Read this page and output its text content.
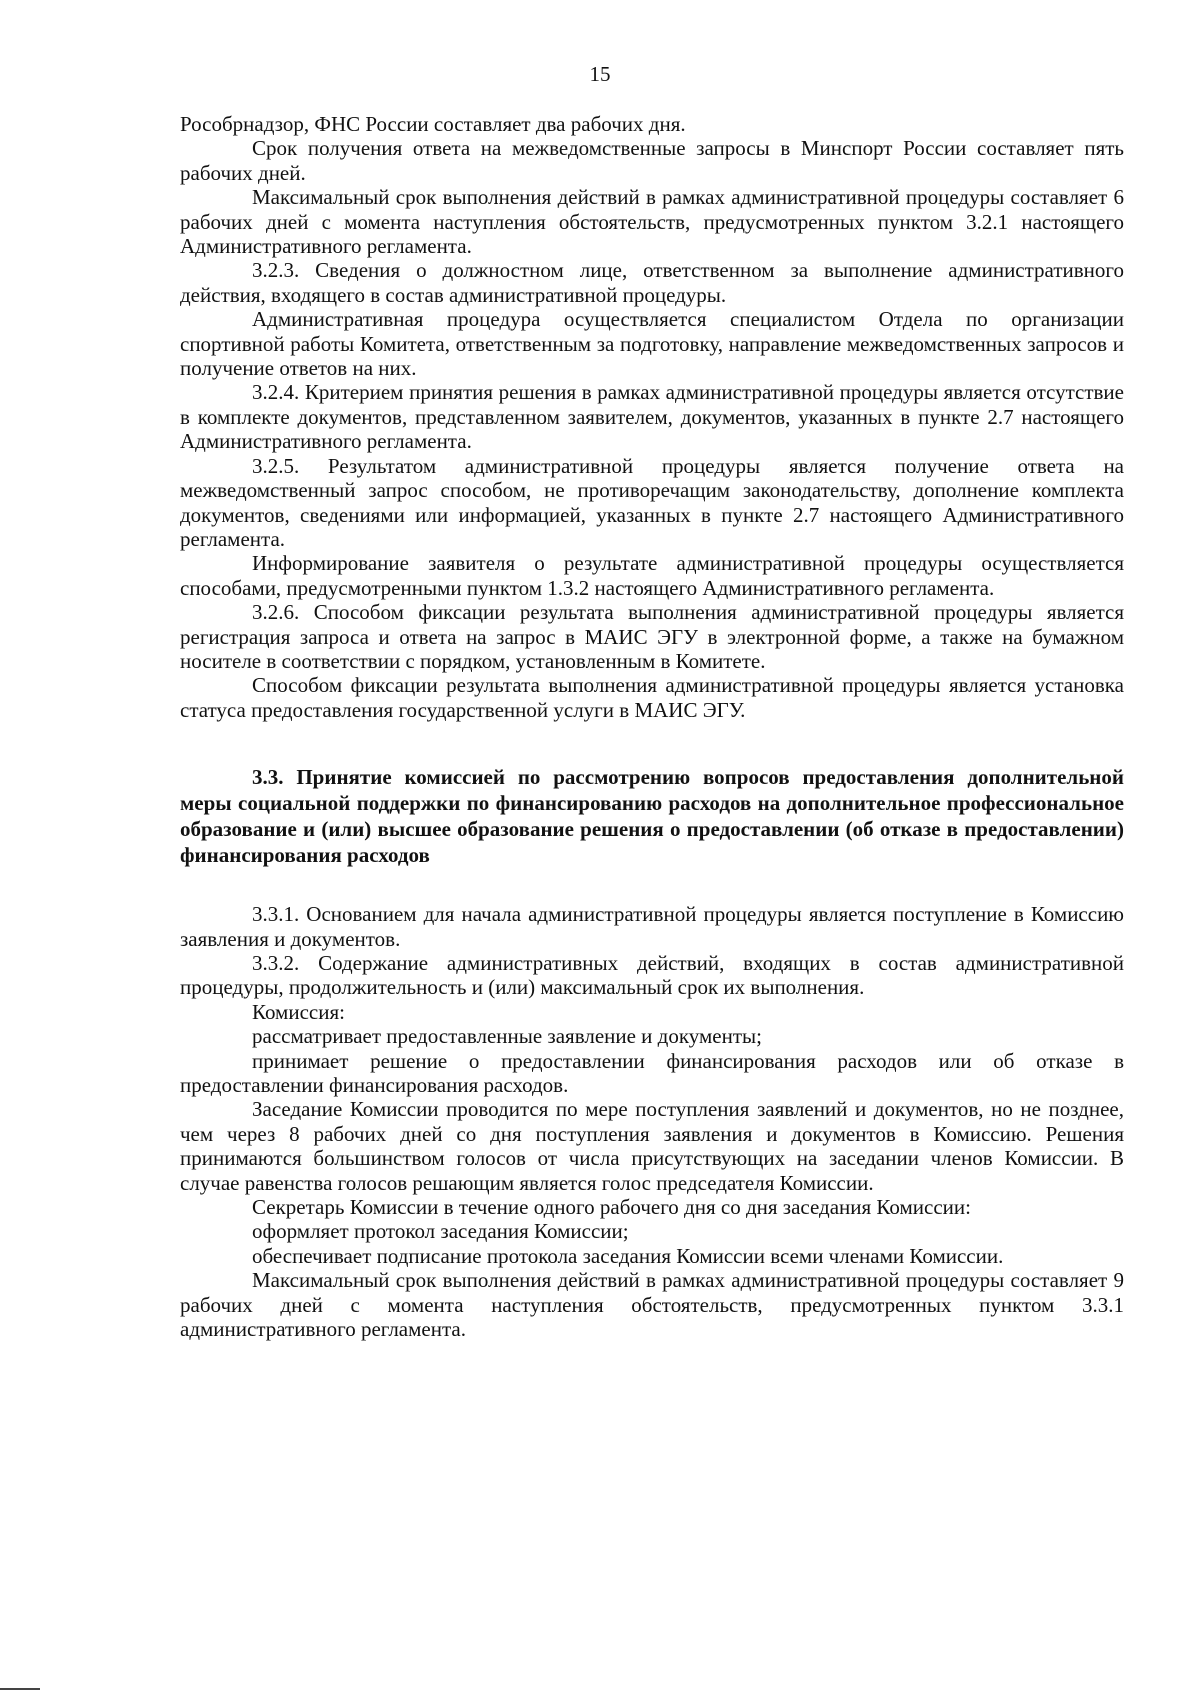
15

Рособрнадзор, ФНС России составляет два рабочих дня.

Срок получения ответа на межведомственные запросы в Минспорт России составляет пять рабочих дней.

Максимальный срок выполнения действий в рамках административной процедуры составляет 6 рабочих дней с момента наступления обстоятельств, предусмотренных пунктом 3.2.1 настоящего Административного регламента.

3.2.3. Сведения о должностном лице, ответственном за выполнение административного действия, входящего в состав административной процедуры.

Административная процедура осуществляется специалистом Отдела по организации спортивной работы Комитета, ответственным за подготовку, направление межведомственных запросов и получение ответов на них.

3.2.4. Критерием принятия решения в рамках административной процедуры является отсутствие в комплекте документов, представленном заявителем, документов, указанных в пункте 2.7 настоящего Административного регламента.

3.2.5. Результатом административной процедуры является получение ответа на межведомственный запрос способом, не противоречащим законодательству, дополнение комплекта документов, сведениями или информацией, указанных в пункте 2.7 настоящего Административного регламента.

Информирование заявителя о результате административной процедуры осуществляется способами, предусмотренными пунктом 1.3.2 настоящего Административного регламента.

3.2.6. Способом фиксации результата выполнения административной процедуры является регистрация запроса и ответа на запрос в МАИС ЭГУ в электронной форме, а также на бумажном носителе в соответствии с порядком, установленным в Комитете.

Способом фиксации результата выполнения административной процедуры является установка статуса предоставления государственной услуги в МАИС ЭГУ.

3.3. Принятие комиссией по рассмотрению вопросов предоставления дополнительной меры социальной поддержки по финансированию расходов на дополнительное профессиональное образование и (или) высшее образование решения о предоставлении (об отказе в предоставлении) финансирования расходов

3.3.1. Основанием для начала административной процедуры является поступление в Комиссию заявления и документов.

3.3.2. Содержание административных действий, входящих в состав административной процедуры, продолжительность и (или) максимальный срок их выполнения.

Комиссия:

рассматривает предоставленные заявление и документы;

принимает решение о предоставлении финансирования расходов или об отказе в предоставлении финансирования расходов.

Заседание Комиссии проводится по мере поступления заявлений и документов, но не позднее, чем через 8 рабочих дней со дня поступления заявления и документов в Комиссию. Решения принимаются большинством голосов от числа присутствующих на заседании членов Комиссии. В случае равенства голосов решающим является голос председателя Комиссии.

Секретарь Комиссии в течение одного рабочего дня со дня заседания Комиссии:

оформляет протокол заседания Комиссии;

обеспечивает подписание протокола заседания Комиссии всеми членами Комиссии.

Максимальный срок выполнения действий в рамках административной процедуры составляет 9 рабочих дней с момента наступления обстоятельств, предусмотренных пунктом 3.3.1 административного регламента.
